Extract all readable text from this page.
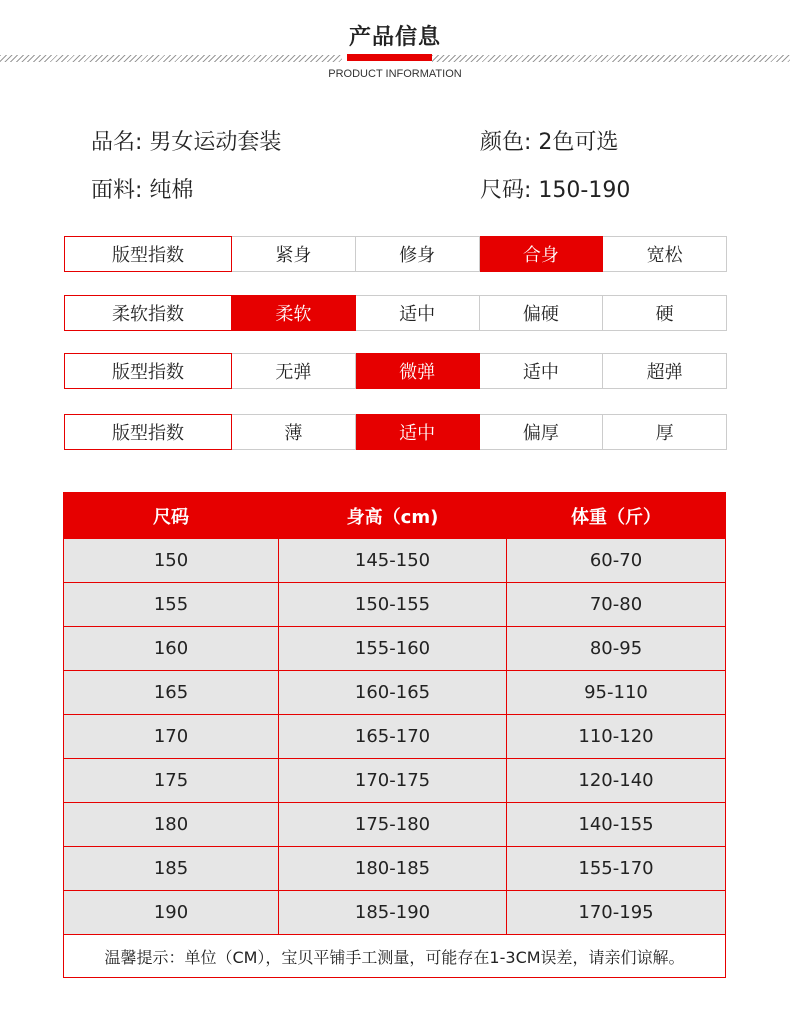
产品信息
PRODUCT INFORMATION
品名: 男女运动套装	颜色: 2色可选
面料: 纯棉	尺码: 150-190
版型指数	紧身	修身	合身	宽松
柔软指数	柔软	适中	偏硬	硬
版型指数	无弹	微弹	适中	超弹
版型指数	薄	适中	偏厚	厚
尺码	身高（cm)	体重（斤）
150	145-150	60-70
155	150-155	70-80
160	155-160	80-95
165	160-165	95-110
170	165-170	110-120
175	170-175	120-140
180	175-180	140-155
185	180-185	155-170
190	185-190	170-195
温馨提示：单位（CM），宝贝平铺手工测量，可能存在1-3CM误差，请亲们谅解。		
